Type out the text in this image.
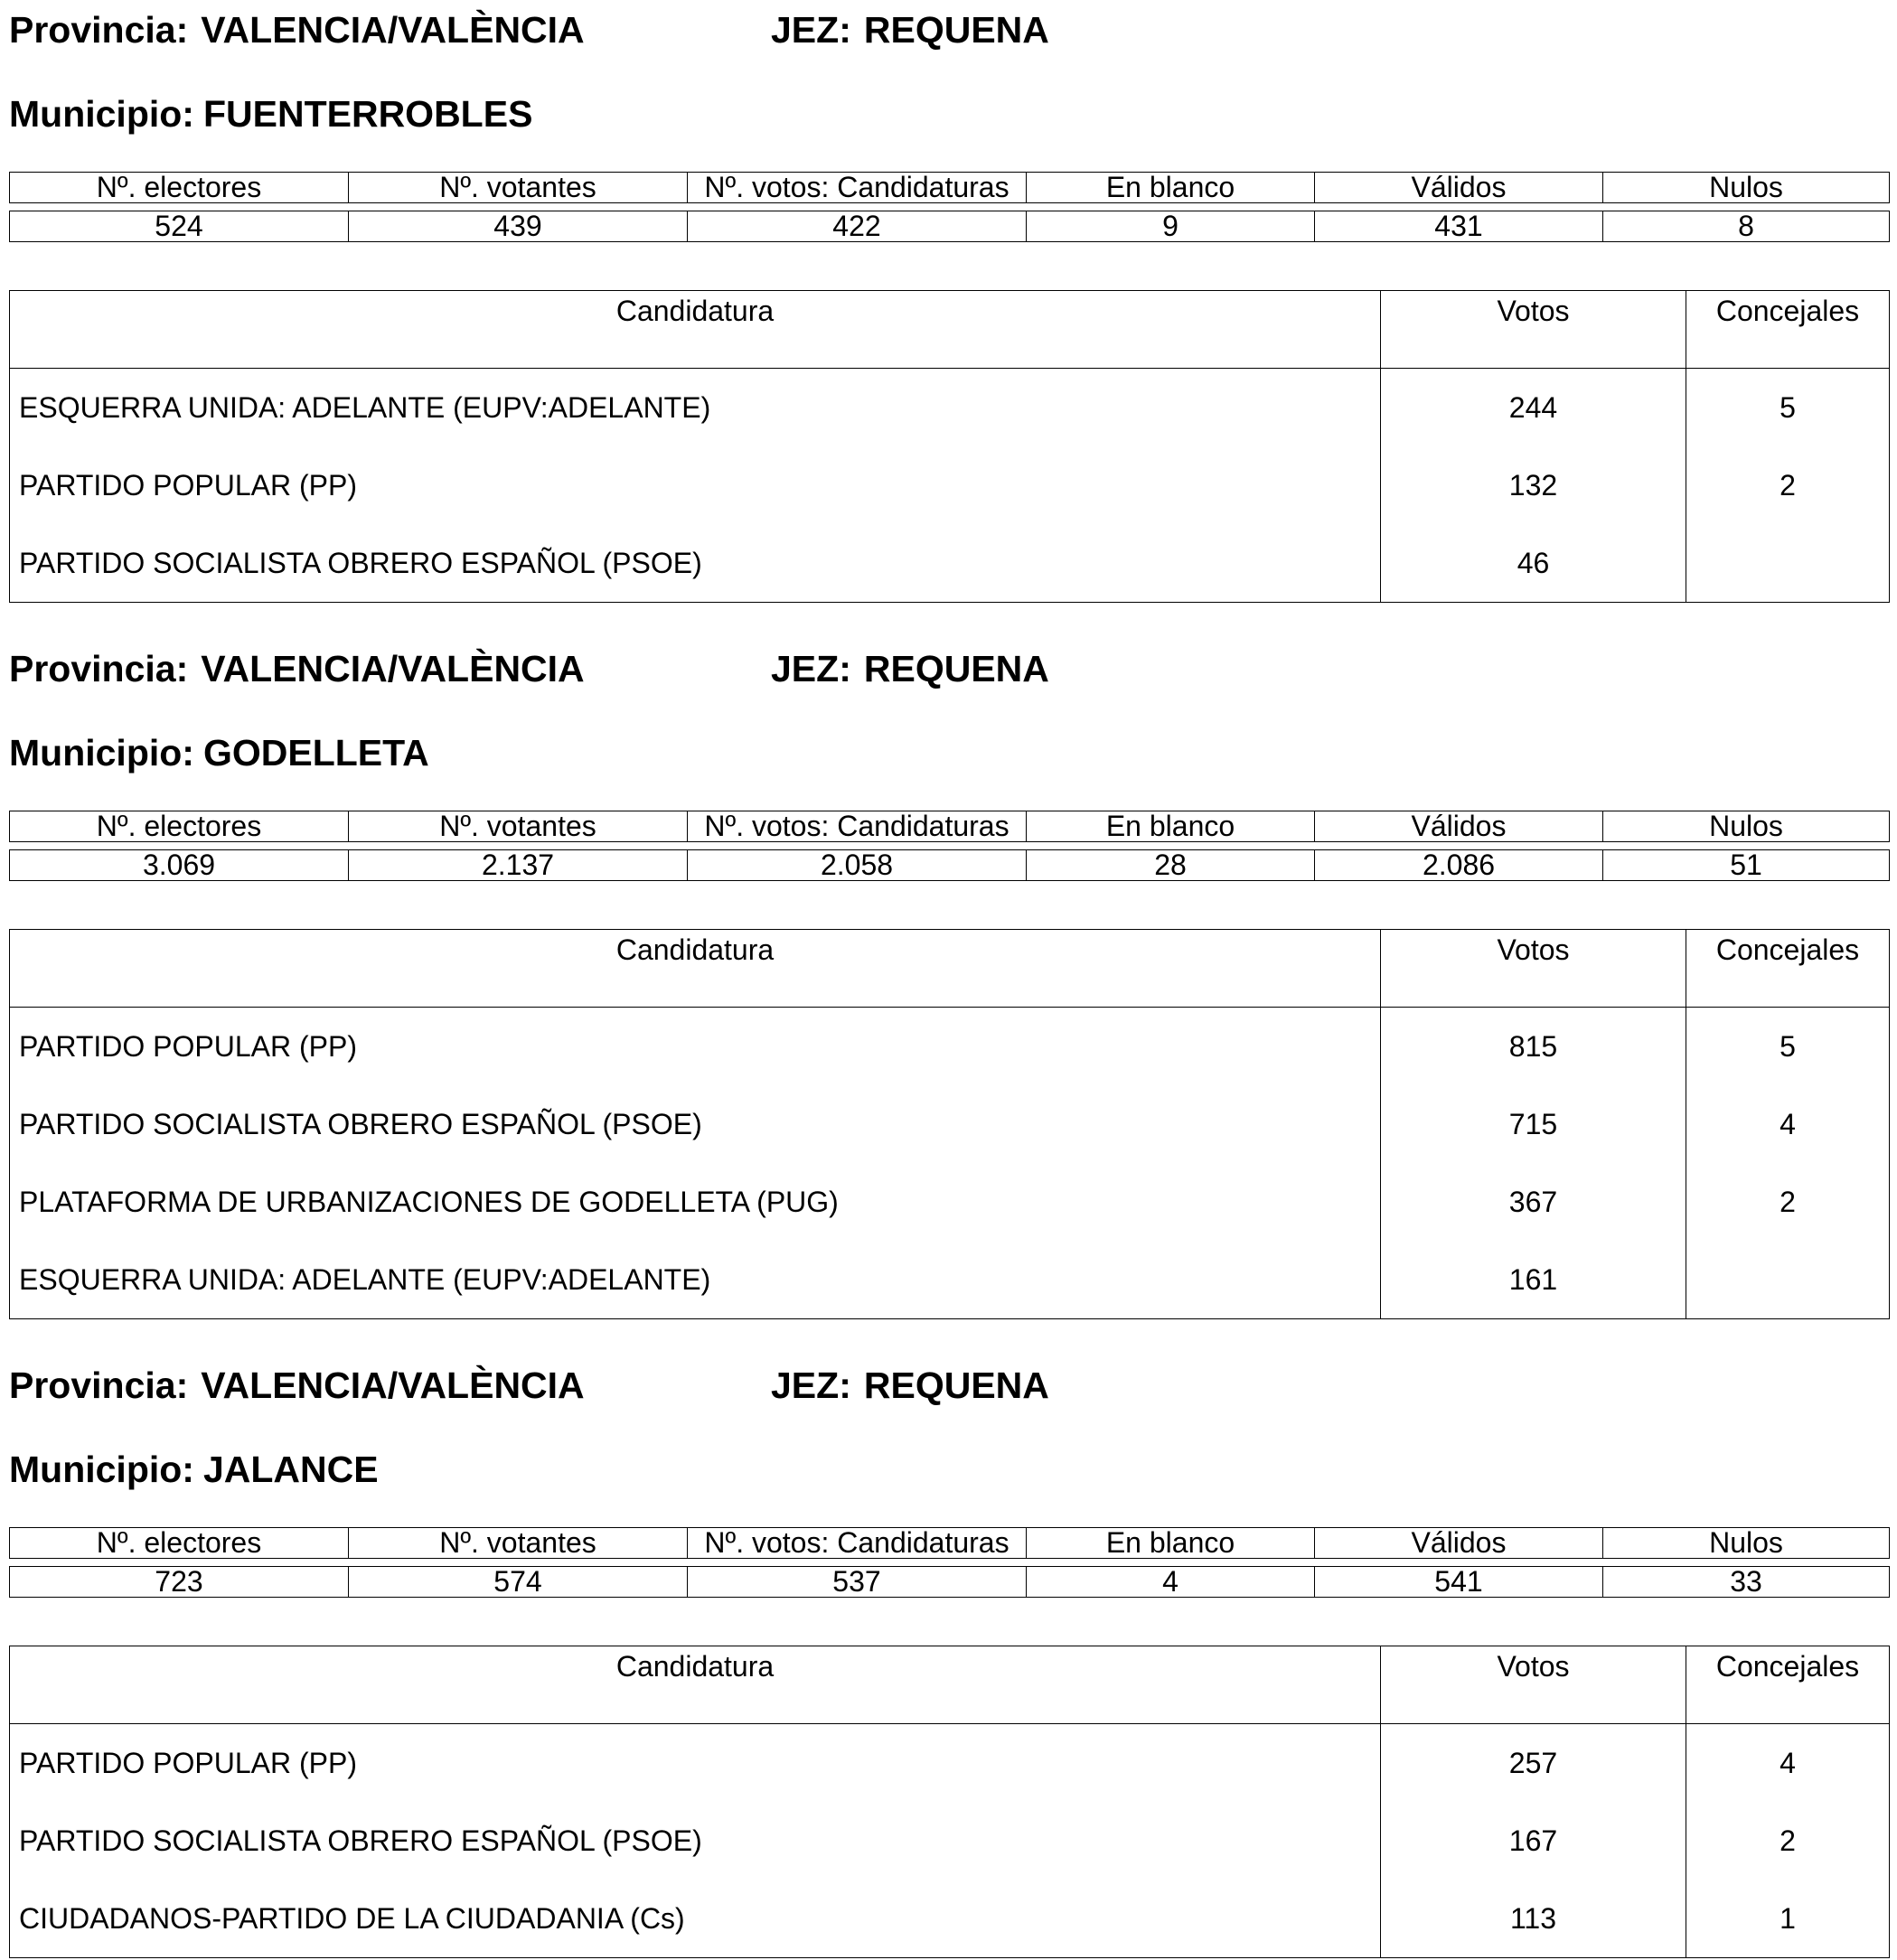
Provincia: VALENCIA/VALÈNCIA	JEZ: REQUENA
Municipio: FUENTERROBLES
Nº. electores	Nº. votantes	Nº. votos: Candidaturas	En blanco	Válidos	Nulos

524	439	422	9	431	8
Candidatura	Votos	Concejales
ESQUERRA UNIDA: ADELANTE (EUPV:ADELANTE)	244	5
PARTIDO POPULAR (PP)	132	2
PARTIDO SOCIALISTA OBRERO ESPAÑOL (PSOE)	46	
Provincia: VALENCIA/VALÈNCIA	JEZ: REQUENA
Municipio: GODELLETA
Nº. electores	Nº. votantes	Nº. votos: Candidaturas	En blanco	Válidos	Nulos

3.069	2.137	2.058	28	2.086	51
Candidatura	Votos	Concejales
PARTIDO POPULAR (PP)	815	5
PARTIDO SOCIALISTA OBRERO ESPAÑOL (PSOE)	715	4
PLATAFORMA DE URBANIZACIONES DE GODELLETA (PUG)	367	2
ESQUERRA UNIDA: ADELANTE (EUPV:ADELANTE)	161	
Provincia: VALENCIA/VALÈNCIA	JEZ: REQUENA
Municipio: JALANCE
Nº. electores	Nº. votantes	Nº. votos: Candidaturas	En blanco	Válidos	Nulos

723	574	537	4	541	33
Candidatura	Votos	Concejales
PARTIDO POPULAR (PP)	257	4
PARTIDO SOCIALISTA OBRERO ESPAÑOL (PSOE)	167	2
CIUDADANOS-PARTIDO DE LA CIUDADANIA (Cs)	113	1
